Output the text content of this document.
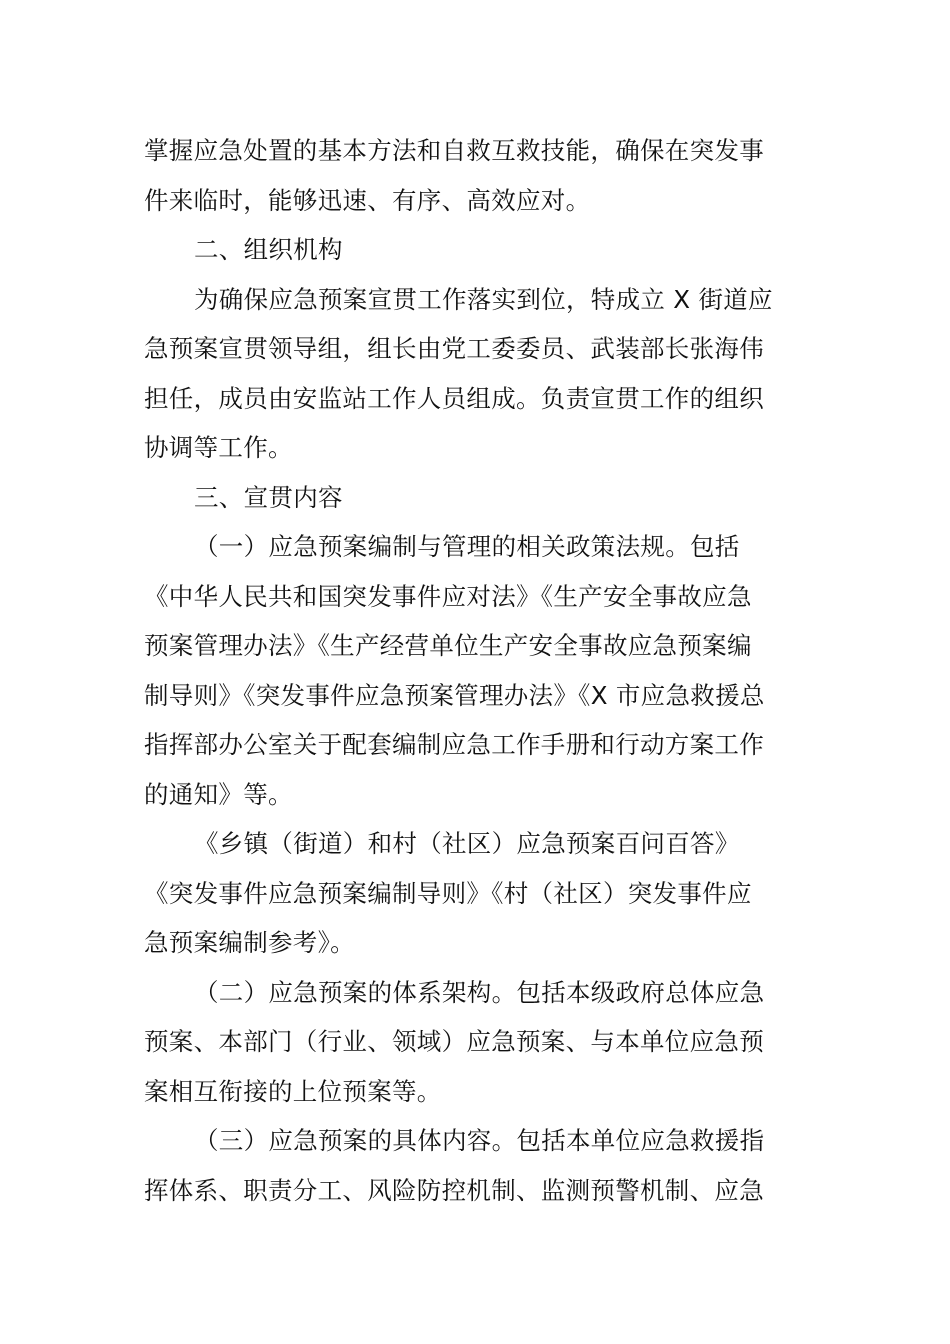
掌握应急处置的基本方法和自救互救技能，确保在突发事
件来临时，能够迅速、有序、高效应对。
二、组织机构
为确保应急预案宣贯工作落实到位，特成立 X 街道应
急预案宣贯领导组，组长由党工委委员、武装部长张海伟
担任，成员由安监站工作人员组成。负责宣贯工作的组织
协调等工作。
三、宣贯内容
（一）应急预案编制与管理的相关政策法规。包括
《中华人民共和国突发事件应对法》《生产安全事故应急
预案管理办法》《生产经营单位生产安全事故应急预案编
制导则》《突发事件应急预案管理办法》《X 市应急救援总
指挥部办公室关于配套编制应急工作手册和行动方案工作
的通知》等。
《乡镇（街道）和村（社区）应急预案百问百答》
《突发事件应急预案编制导则》《村（社区）突发事件应
急预案编制参考》。
（二）应急预案的体系架构。包括本级政府总体应急
预案、本部门（行业、领域）应急预案、与本单位应急预
案相互衔接的上位预案等。
（三）应急预案的具体内容。包括本单位应急救援指
挥体系、职责分工、风险防控机制、监测预警机制、应急
